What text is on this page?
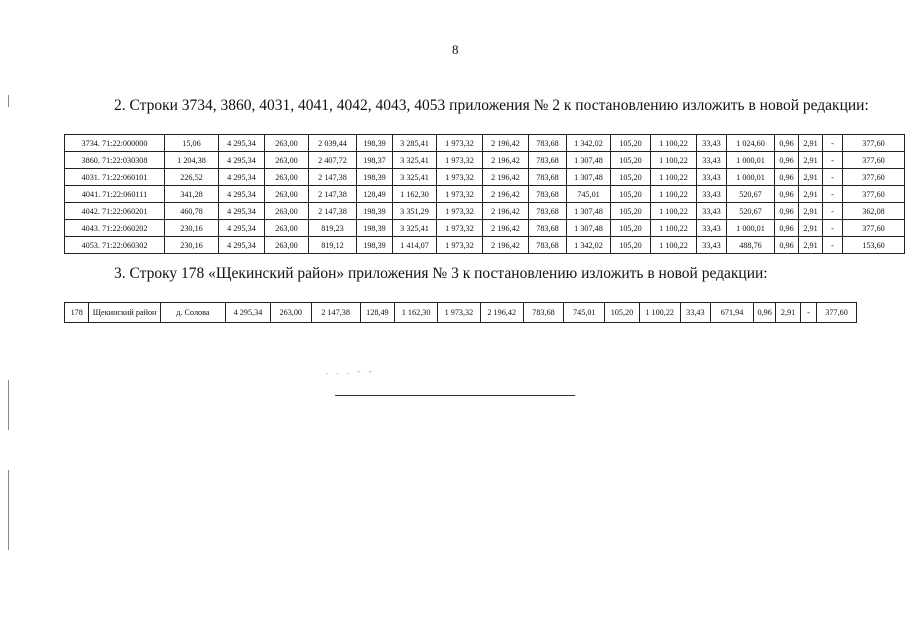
8
2. Строки 3734, 3860, 4031, 4041, 4042, 4043, 4053 приложения № 2 к постановлению изложить в новой редакции:
3734. 71:22:000000	15,06	4 295,34	263,00	2 039,44	198,39	3 285,41	1 973,32	2 196,42	783,68	1 342,02	105,20	1 100,22	33,43	1 024,60	0,96	2,91	-	377,60
3860. 71:22:030308	1 204,38	4 295,34	263,00	2 407,72	198,37	3 325,41	1 973,32	2 196,42	783,68	1 307,48	105,20	1 100,22	33,43	1 000,01	0,96	2,91	-	377,60
4031. 71:22:060101	226,52	4 295,34	263,00	2 147,38	198,39	3 325,41	1 973,32	2 196,42	783,68	1 307,48	105,20	1 100,22	33,43	1 000,01	0,96	2,91	-	377,60
4041. 71:22:060111	341,28	4 295,34	263,00	2 147,38	128,49	1 162,30	1 973,32	2 196,42	783,68	745,01	105,20	1 100,22	33,43	520,67	0,96	2,91	-	377,60
4042. 71:22:060201	460,78	4 295,34	263,00	2 147,38	198,39	3 351,29	1 973,32	2 196,42	783,68	1 307,48	105,20	1 100,22	33,43	520,67	0,96	2,91	-	362,08
4043. 71:22:060202	230,16	4 295,34	263,00	819,23	198,39	3 325,41	1 973,32	2 196,42	783,68	1 307,48	105,20	1 100,22	33,43	1 000,01	0,96	2,91	-	377,60
4053. 71:22:060302	230,16	4 295,34	263,00	819,12	198,39	1 414,07	1 973,32	2 196,42	783,68	1 342,02	105,20	1 100,22	33,43	488,76	0,96	2,91	-	153,60
3. Строку 178 «Щекинский район» приложения № 3 к постановлению изложить в новой редакции:
178	Щекинский район	д. Солова	4 295,34	263,00	2 147,38	128,49	1 162,30	1 973,32	2 196,42	783,68	745,01	105,20	1 100,22	33,43	671,94	0,96	2,91	-	377,60
. . . - -
